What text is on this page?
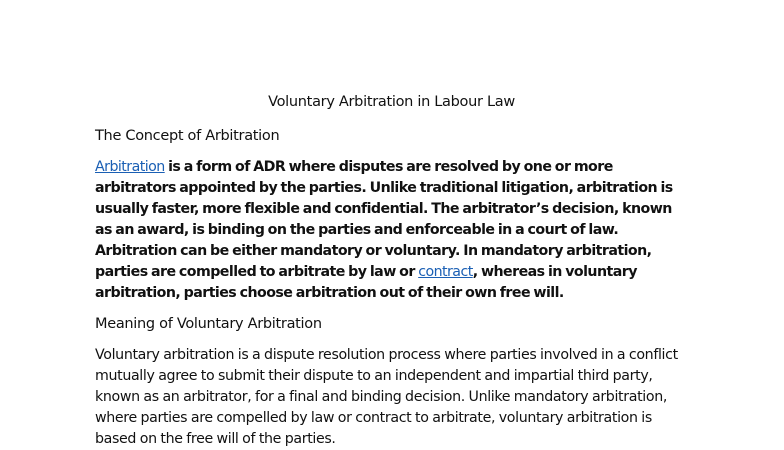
Voluntary Arbitration in Labour Law
The Concept of Arbitration

Arbitration is a form of ADR where disputes are resolved by one or more arbitrators appointed by the parties. Unlike traditional litigation, arbitration is usually faster, more flexible and confidential. The arbitrator’s decision, known as an award, is binding on the parties and enforceable in a court of law. Arbitration can be either mandatory or voluntary. In mandatory arbitration, parties are compelled to arbitrate by law or contract, whereas in voluntary arbitration, parties choose arbitration out of their own free will.

Meaning of Voluntary Arbitration

Voluntary arbitration is a dispute resolution process where parties involved in a conflict mutually agree to submit their dispute to an independent and impartial third party, known as an arbitrator, for a final and binding decision. Unlike mandatory arbitration, where parties are compelled by law or contract to arbitrate, voluntary arbitration is based on the free will of the parties.
